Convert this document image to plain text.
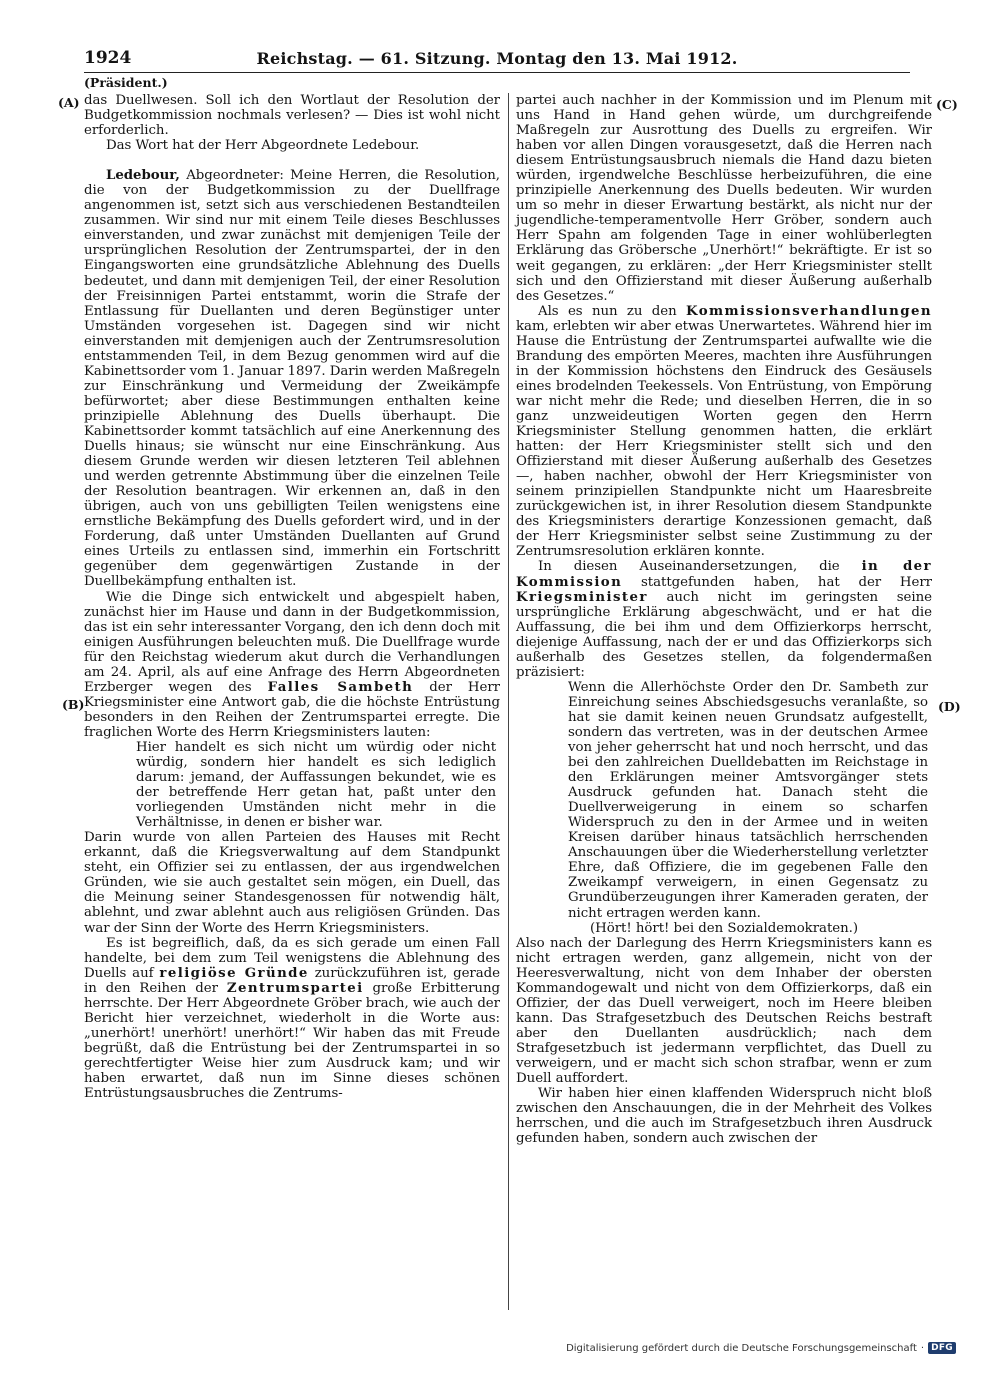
1924	Reichstag. — 61. Sitzung. Montag den 13. Mai 1912.
(Präsident.)
(A)
(B)
(C)
(D)

das Duellwesen. Soll ich den Wortlaut der Resolution der Budgetkommission nochmals verlesen? — Dies ist wohl nicht erforderlich.

Das Wort hat der Herr Abgeordnete Ledebour.

Ledebour, Abgeordneter: Meine Herren, die Resolution, die von der Budgetkommission zu der Duellfrage angenommen ist, setzt sich aus verschiedenen Bestandteilen zusammen. Wir sind nur mit einem Teile dieses Beschlusses einverstanden, und zwar zunächst mit demjenigen Teile der ursprünglichen Resolution der Zentrumspartei, der in den Eingangsworten eine grundsätzliche Ablehnung des Duells bedeutet, und dann mit demjenigen Teil, der einer Resolution der Freisinnigen Partei entstammt, worin die Strafe der Entlassung für Duellanten und deren Begünstiger unter Umständen vorgesehen ist. Dagegen sind wir nicht einverstanden mit demjenigen auch der Zentrumsresolution entstammenden Teil, in dem Bezug genommen wird auf die Kabinettsorder vom 1. Januar 1897. Darin werden Maßregeln zur Einschränkung und Vermeidung der Zweikämpfe befürwortet; aber diese Bestimmungen enthalten keine prinzipielle Ablehnung des Duells überhaupt. Die Kabinettsorder kommt tatsächlich auf eine Anerkennung des Duells hinaus; sie wünscht nur eine Einschränkung. Aus diesem Grunde werden wir diesen letzteren Teil ablehnen und werden getrennte Abstimmung über die einzelnen Teile der Resolution beantragen. Wir erkennen an, daß in den übrigen, auch von uns gebilligten Teilen wenigstens eine ernstliche Bekämpfung des Duells gefordert wird, und in der Forderung, daß unter Umständen Duellanten auf Grund eines Urteils zu entlassen sind, immerhin ein Fortschritt gegenüber dem gegenwärtigen Zustande in der Duellbekämpfung enthalten ist.

Wie die Dinge sich entwickelt und abgespielt haben, zunächst hier im Hause und dann in der Budgetkommission, das ist ein sehr interessanter Vorgang, den ich denn doch mit einigen Ausführungen beleuchten muß. Die Duellfrage wurde für den Reichstag wiederum akut durch die Verhandlungen am 24. April, als auf eine Anfrage des Herrn Abgeordneten Erzberger wegen des Falles Sambeth der Herr Kriegsminister eine Antwort gab, die die höchste Entrüstung besonders in den Reihen der Zentrumspartei erregte. Die fraglichen Worte des Herrn Kriegsministers lauten:

Hier handelt es sich nicht um würdig oder nicht würdig, sondern hier handelt es sich lediglich darum: jemand, der Auffassungen bekundet, wie es der betreffende Herr getan hat, paßt unter den vorliegenden Umständen nicht mehr in die Verhältnisse, in denen er bisher war.

Darin wurde von allen Parteien des Hauses mit Recht erkannt, daß die Kriegsverwaltung auf dem Standpunkt steht, ein Offizier sei zu entlassen, der aus irgendwelchen Gründen, wie sie auch gestaltet sein mögen, ein Duell, das die Meinung seiner Standesgenossen für notwendig hält, ablehnt, und zwar ablehnt auch aus religiösen Gründen. Das war der Sinn der Worte des Herrn Kriegsministers.

Es ist begreiflich, daß, da es sich gerade um einen Fall handelte, bei dem zum Teil wenigstens die Ablehnung des Duells auf religiöse Gründe zurückzuführen ist, gerade in den Reihen der Zentrumspartei große Erbitterung herrschte. Der Herr Abgeordnete Gröber brach, wie auch der Bericht hier verzeichnet, wiederholt in die Worte aus: „unerhört! unerhört! unerhört!“ Wir haben das mit Freude begrüßt, daß die Entrüstung bei der Zentrumspartei in so gerechtfertigter Weise hier zum Ausdruck kam; und wir haben erwartet, daß nun im Sinne dieses schönen Entrüstungsausbruches die Zentrums-

partei auch nachher in der Kommission und im Plenum mit uns Hand in Hand gehen würde, um durchgreifende Maßregeln zur Ausrottung des Duells zu ergreifen. Wir haben vor allen Dingen vorausgesetzt, daß die Herren nach diesem Entrüstungsausbruch niemals die Hand dazu bieten würden, irgendwelche Beschlüsse herbeizuführen, die eine prinzipielle Anerkennung des Duells bedeuten. Wir wurden um so mehr in dieser Erwartung bestärkt, als nicht nur der jugendliche-temperamentvolle Herr Gröber, sondern auch Herr Spahn am folgenden Tage in einer wohlüberlegten Erklärung das Gröbersche „Unerhört!“ bekräftigte. Er ist so weit gegangen, zu erklären: „der Herr Kriegsminister stellt sich und den Offizierstand mit dieser Äußerung außerhalb des Gesetzes.“

Als es nun zu den Kommissionsverhandlungen kam, erlebten wir aber etwas Unerwartetes. Während hier im Hause die Entrüstung der Zentrumspartei aufwallte wie die Brandung des empörten Meeres, machten ihre Ausführungen in der Kommission höchstens den Eindruck des Gesäusels eines brodelnden Teekessels. Von Entrüstung, von Empörung war nicht mehr die Rede; und dieselben Herren, die in so ganz unzweideutigen Worten gegen den Herrn Kriegsminister Stellung genommen hatten, die erklärt hatten: der Herr Kriegsminister stellt sich und den Offizierstand mit dieser Äußerung außerhalb des Gesetzes —, haben nachher, obwohl der Herr Kriegsminister von seinem prinzipiellen Standpunkte nicht um Haaresbreite zurückgewichen ist, in ihrer Resolution diesem Standpunkte des Kriegsministers derartige Konzessionen gemacht, daß der Herr Kriegsminister selbst seine Zustimmung zu der Zentrumsresolution erklären konnte.

In diesen Auseinandersetzungen, die in der Kommission stattgefunden haben, hat der Herr Kriegsminister auch nicht im geringsten seine ursprüngliche Erklärung abgeschwächt, und er hat die Auffassung, die bei ihm und dem Offizierkorps herrscht, diejenige Auffassung, nach der er und das Offizierkorps sich außerhalb des Gesetzes stellen, da folgendermaßen präzisiert:

Wenn die Allerhöchste Order den Dr. Sambeth zur Einreichung seines Abschiedsgesuchs veranlaßte, so hat sie damit keinen neuen Grundsatz aufgestellt, sondern das vertreten, was in der deutschen Armee von jeher geherrscht hat und noch herrscht, und das bei den zahlreichen Duelldebatten im Reichstage in den Erklärungen meiner Amtsvorgänger stets Ausdruck gefunden hat. Danach steht die Duellverweigerung in einem so scharfen Widerspruch zu den in der Armee und in weiten Kreisen darüber hinaus tatsächlich herrschenden Anschauungen über die Wiederherstellung verletzter Ehre, daß Offiziere, die im gegebenen Falle den Zweikampf verweigern, in einen Gegensatz zu Grundüberzeugungen ihrer Kameraden geraten, der nicht ertragen werden kann.

(Hört! hört! bei den Sozialdemokraten.)

Also nach der Darlegung des Herrn Kriegsministers kann es nicht ertragen werden, ganz allgemein, nicht von der Heeresverwaltung, nicht von dem Inhaber der obersten Kommandogewalt und nicht von dem Offizierkorps, daß ein Offizier, der das Duell verweigert, noch im Heere bleiben kann. Das Strafgesetzbuch des Deutschen Reichs bestraft aber den Duellanten ausdrücklich; nach dem Strafgesetzbuch ist jedermann verpflichtet, das Duell zu verweigern, und er macht sich schon strafbar, wenn er zum Duell auffordert.

Wir haben hier einen klaffenden Widerspruch nicht bloß zwischen den Anschauungen, die in der Mehrheit des Volkes herrschen, und die auch im Strafgesetzbuch ihren Ausdruck gefunden haben, sondern auch zwischen der

Digitalisierung gefördert durch die Deutsche Forschungsgemeinschaft · DFG
